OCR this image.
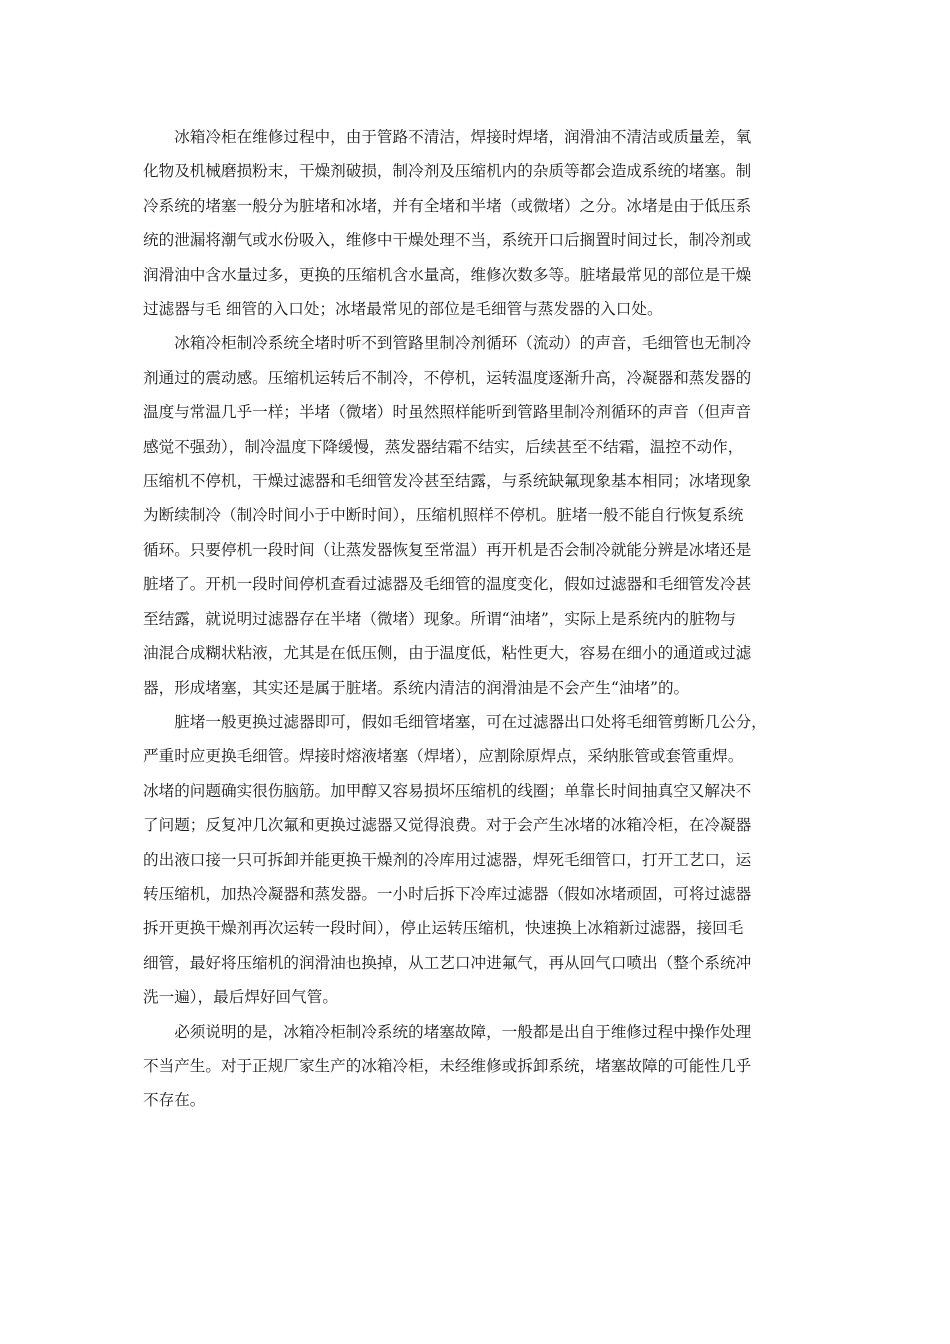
冰箱冷柜在维修过程中，由于管路不清洁，焊接时焊堵，润滑油不清洁或质量差，氧
化物及机械磨损粉末，干燥剂破损，制冷剂及压缩机内的杂质等都会造成系统的堵塞。制
冷系统的堵塞一般分为脏堵和冰堵，并有全堵和半堵（或微堵）之分。冰堵是由于低压系
统的泄漏将潮气或水份吸入，维修中干燥处理不当，系统开口后搁置时间过长，制冷剂或
润滑油中含水量过多，更换的压缩机含水量高，维修次数多等。脏堵最常见的部位是干燥
过滤器与毛 细管的入口处；冰堵最常见的部位是毛细管与蒸发器的入口处。
冰箱冷柜制冷系统全堵时听不到管路里制冷剂循环（流动）的声音，毛细管也无制冷
剂通过的震动感。压缩机运转后不制冷，不停机，运转温度逐渐升高，冷凝器和蒸发器的
温度与常温几乎一样；半堵（微堵）时虽然照样能听到管路里制冷剂循环的声音（但声音
感觉不强劲），制冷温度下降缓慢，蒸发器结霜不结实，后续甚至不结霜，温控不动作，
压缩机不停机，干燥过滤器和毛细管发冷甚至结露，与系统缺氟现象基本相同；冰堵现象
为断续制冷（制冷时间小于中断时间），压缩机照样不停机。脏堵一般不能自行恢复系统
循环。只要停机一段时间（让蒸发器恢复至常温）再开机是否会制冷就能分辨是冰堵还是
脏堵了。开机一段时间停机查看过滤器及毛细管的温度变化，假如过滤器和毛细管发冷甚
至结露，就说明过滤器存在半堵（微堵）现象。所谓“油堵”，实际上是系统内的脏物与
油混合成糊状粘液，尤其是在低压侧，由于温度低，粘性更大，容易在细小的通道或过滤
器，形成堵塞，其实还是属于脏堵。系统内清洁的润滑油是不会产生“油堵”的。
脏堵一般更换过滤器即可，假如毛细管堵塞，可在过滤器出口处将毛细管剪断几公分，
严重时应更换毛细管。焊接时熔液堵塞（焊堵），应割除原焊点，采纳胀管或套管重焊。
冰堵的问题确实很伤脑筋。加甲醇又容易损坏压缩机的线圈；单靠长时间抽真空又解决不
了问题；反复冲几次氟和更换过滤器又觉得浪费。对于会产生冰堵的冰箱冷柜，在冷凝器
的出液口接一只可拆卸并能更换干燥剂的冷库用过滤器，焊死毛细管口，打开工艺口，运
转压缩机，加热冷凝器和蒸发器。一小时后拆下冷库过滤器（假如冰堵顽固，可将过滤器
拆开更换干燥剂再次运转一段时间），停止运转压缩机，快速换上冰箱新过滤器，接回毛
细管，最好将压缩机的润滑油也换掉，从工艺口冲进氟气，再从回气口喷出（整个系统冲
洗一遍），最后焊好回气管。
必须说明的是，冰箱冷柜制冷系统的堵塞故障，一般都是出自于维修过程中操作处理
不当产生。对于正规厂家生产的冰箱冷柜，未经维修或拆卸系统，堵塞故障的可能性几乎
不存在。
